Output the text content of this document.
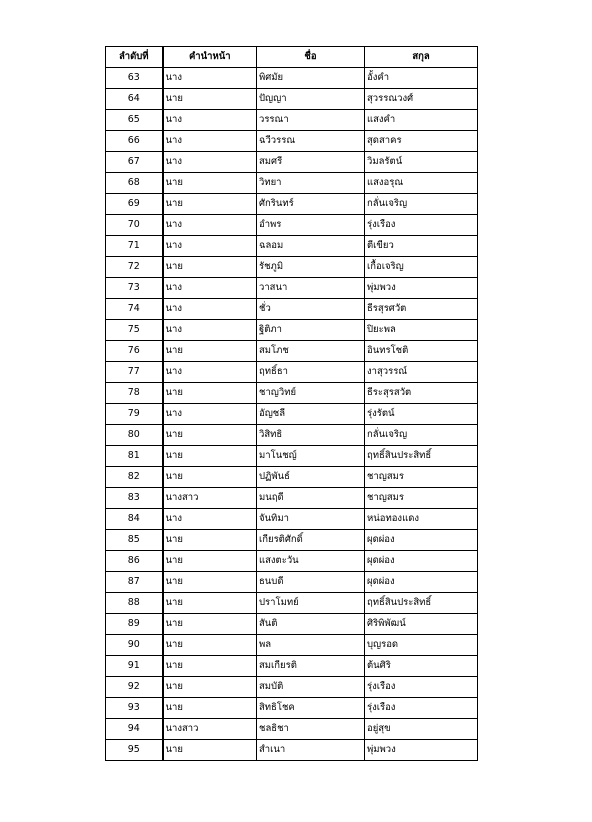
ลำดับที่	คำนำหน้า	ชื่อ	สกุล
63	นาง	พิศมัย	อั้งคำ
64	นาย	ปัญญา	สุวรรณวงศ์
65	นาง	วรรณา	แสงคำ
66	นาง	ฉวีวรรณ	สุดสาคร
67	นาง	สมศรี	วิมลรัตน์
68	นาย	วิทยา	แสงอรุณ
69	นาย	ศักรินทร์	กลั่นเจริญ
70	นาง	อำพร	รุ่งเรือง
71	นาง	ฉลอม	ตีเขียว
72	นาย	รัชภูมิ	เกื้อเจริญ
73	นาง	วาสนา	พุ่มพวง
74	นาง	ชั่ว	ธีรสุรศวัต
75	นาง	ฐิติภา	ปิยะพล
76	นาย	สมโภช	อินทรโชติ
77	นาง	ฤทธิ์ธา	งาสุวรรณ์
78	นาย	ชาญวิทย์	ธีระสุรสวัต
79	นาง	อัญชลี	รุ่งรัตน์
80	นาย	วิสิทธิ	กลั่นเจริญ
81	นาย	มาโนชญ์	ฤทธิ์สินประสิทธิ์
82	นาย	ปฏิพันธ์	ชาญสมร
83	นางสาว	มนฤดี	ชาญสมร
84	นาง	จันทิมา	หน่อทองแดง
85	นาย	เกียรติศักดิ์	ผุดผ่อง
86	นาย	แสงตะวัน	ผุดผ่อง
87	นาย	ธนบดี	ผุดผ่อง
88	นาย	ปราโมทย์	ฤทธิ์สินประสิทธิ์
89	นาย	สันติ	ศิริพิพัฒน์
90	นาย	พล	บุญรอด
91	นาย	สมเกียรติ	ต้นศิริ
92	นาย	สมบัติ	รุ่งเรือง
93	นาย	สิทธิโชค	รุ่งเรือง
94	นางสาว	ชลธิชา	อยู่สุข
95	นาย	สำเนา	พุ่มพวง
